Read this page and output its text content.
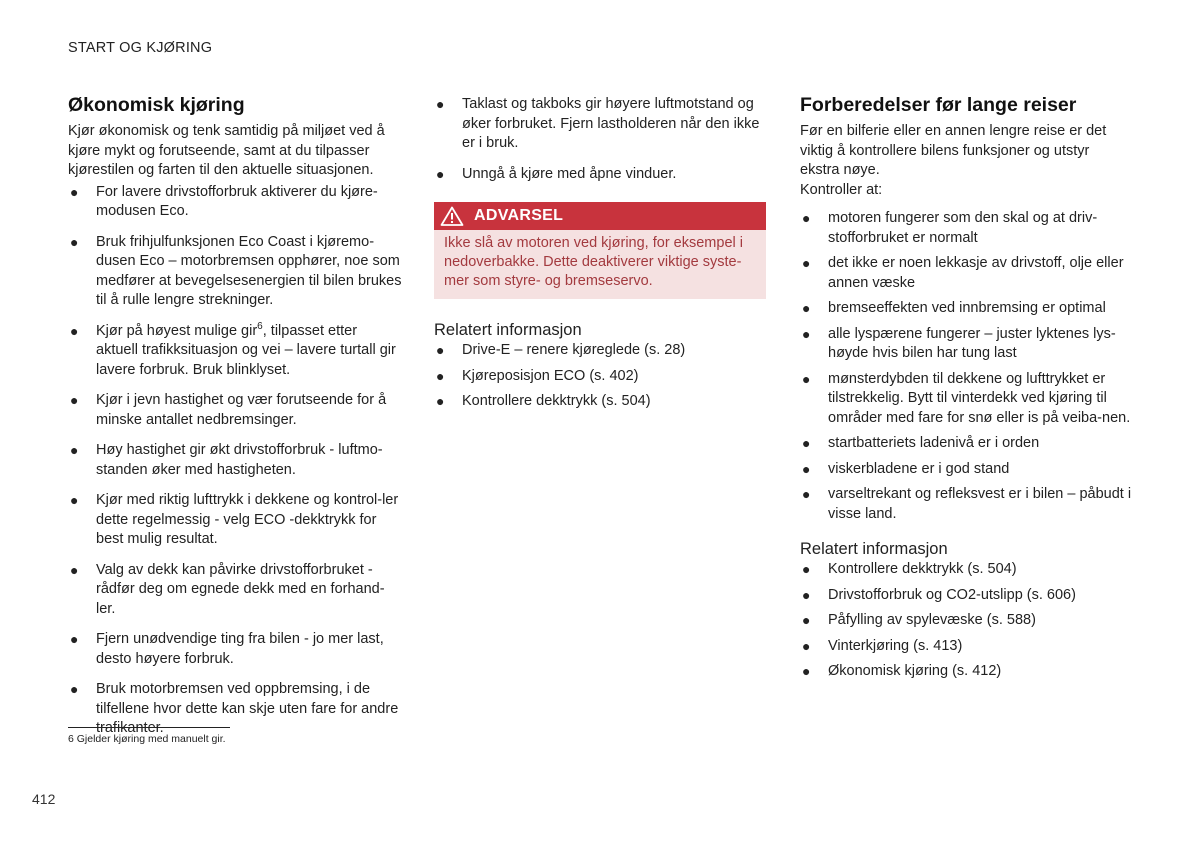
START OG KJØRING
Økonomisk kjøring

Kjør økonomisk og tenk samtidig på miljøet ved å kjøre mykt og forutseende, samt at du tilpasser kjørestilen og farten til den aktuelle situasjonen.

● For lavere drivstofforbruk aktiverer du kjøre-modusen Eco.
● Bruk frihjulfunksjonen Eco Coast i kjøremo-dusen Eco – motorbremsen opphører, noe som medfører at bevegelsesenergien til bilen brukes til å rulle lengre strekninger.
● Kjør på høyest mulige gir$^6$, tilpasset etter aktuell trafikksituasjon og vei – lavere turtall gir lavere forbruk. Bruk blinklyset.
● Kjør i jevn hastighet og vær forutseende for å minske antallet nedbremsinger.
● Høy hastighet gir økt drivstofforbruk - luftmo-standen øker med hastigheten.
● Kjør med riktig lufttrykk i dekkene og kontrol-ler dette regelmessig - velg ECO -dekktrykk for best mulig resultat.
● Valg av dekk kan påvirke drivstofforbruket - rådfør deg om egnede dekk med en forhand-ler.
● Fjern unødvendige ting fra bilen - jo mer last, desto høyere forbruk.
● Bruk motorbremsen ved oppbremsing, i de tilfellene hvor dette kan skje uten fare for andre trafikanter.
● Taklast og takboks gir høyere luftmotstand og øker forbruket. Fjern lastholderen når den ikke er i bruk.
● Unngå å kjøre med åpne vinduer.
ADVARSEL
Ikke slå av motoren ved kjøring, for eksempel i nedoverbakke. Dette deaktiverer viktige syste-mer som styre- og bremseservo.
Relatert informasjon
● Drive-E – renere kjøreglede (s. 28)
● Kjøreposisjon ECO (s. 402)
● Kontrollere dekktrykk (s. 504)
Forberedelser før lange reiser

Før en bilferie eller en annen lengre reise er det viktig å kontrollere bilens funksjoner og utstyr ekstra nøye.

Kontroller at:

● motoren fungerer som den skal og at driv-stofforbruket er normalt
● det ikke er noen lekkasje av drivstoff, olje eller annen væske
● bremseeffekten ved innbremsing er optimal
● alle lyspærene fungerer – juster lyktenes lys-høyde hvis bilen har tung last
● mønsterdybden til dekkene og lufttrykket er tilstrekkelig. Bytt til vinterdekk ved kjøring til områder med fare for snø eller is på veiba-nen.
● startbatteriets ladenivå er i orden
● viskerbladene er i god stand
● varseltrekant og refleksvest er i bilen – påbudt i visse land.
Relatert informasjon
● Kontrollere dekktrykk (s. 504)
● Drivstofforbruk og CO2-utslipp (s. 606)
● Påfylling av spylevæske (s. 588)
● Vinterkjøring (s. 413)
● Økonomisk kjøring (s. 412)
6 Gjelder kjøring med manuelt gir.
412
